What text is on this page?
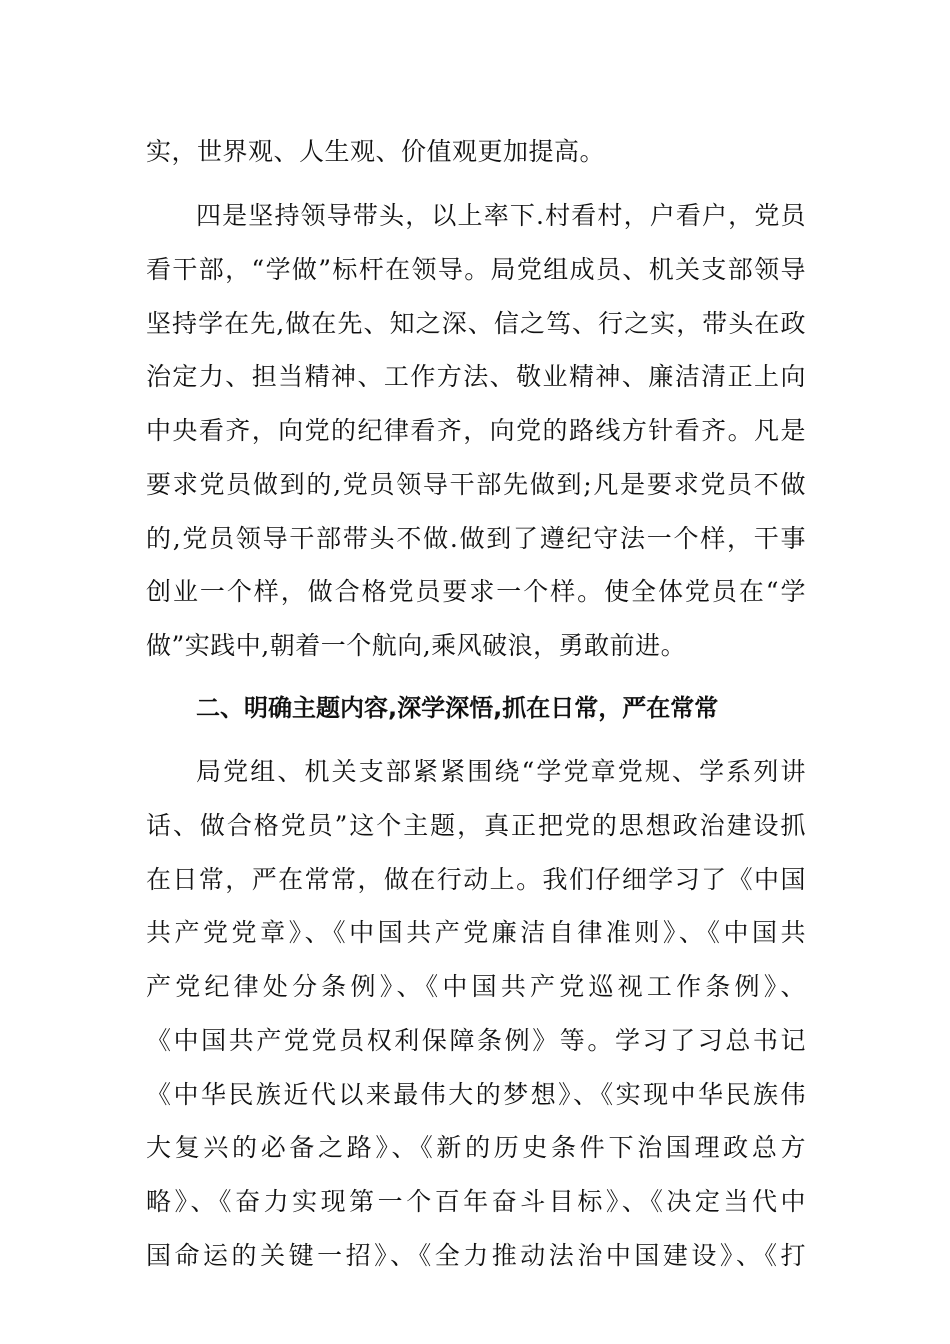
实，世界观、人生观、价值观更加提高。
四是坚持领导带头，以上率下.村看村，户看户，党员
看干部，“学做”标杆在领导。局党组成员、机关支部领导
坚持学在先,做在先、知之深、信之笃、行之实，带头在政
治定力、担当精神、工作方法、敬业精神、廉洁清正上向
中央看齐，向党的纪律看齐，向党的路线方针看齐。凡是
要求党员做到的,党员领导干部先做到;凡是要求党员不做
的,党员领导干部带头不做.做到了遵纪守法一个样，干事
创业一个样，做合格党员要求一个样。使全体党员在“学
做”实践中,朝着一个航向,乘风破浪，勇敢前进。
二、明确主题内容,深学深悟,抓在日常，严在常常
局党组、机关支部紧紧围绕“学党章党规、学系列讲
话、做合格党员”这个主题，真正把党的思想政治建设抓
在日常，严在常常，做在行动上。我们仔细学习了《中国
共产党党章》、《中国共产党廉洁自律准则》、《中国共
产党纪律处分条例》、《中国共产党巡视工作条例》、
《中国共产党党员权利保障条例》等。学习了习总书记
《中华民族近代以来最伟大的梦想》、《实现中华民族伟
大复兴的必备之路》、《新的历史条件下治国理政总方
略》、《奋力实现第一个百年奋斗目标》、《决定当代中
国命运的关键一招》、《全力推动法治中国建设》、《打
